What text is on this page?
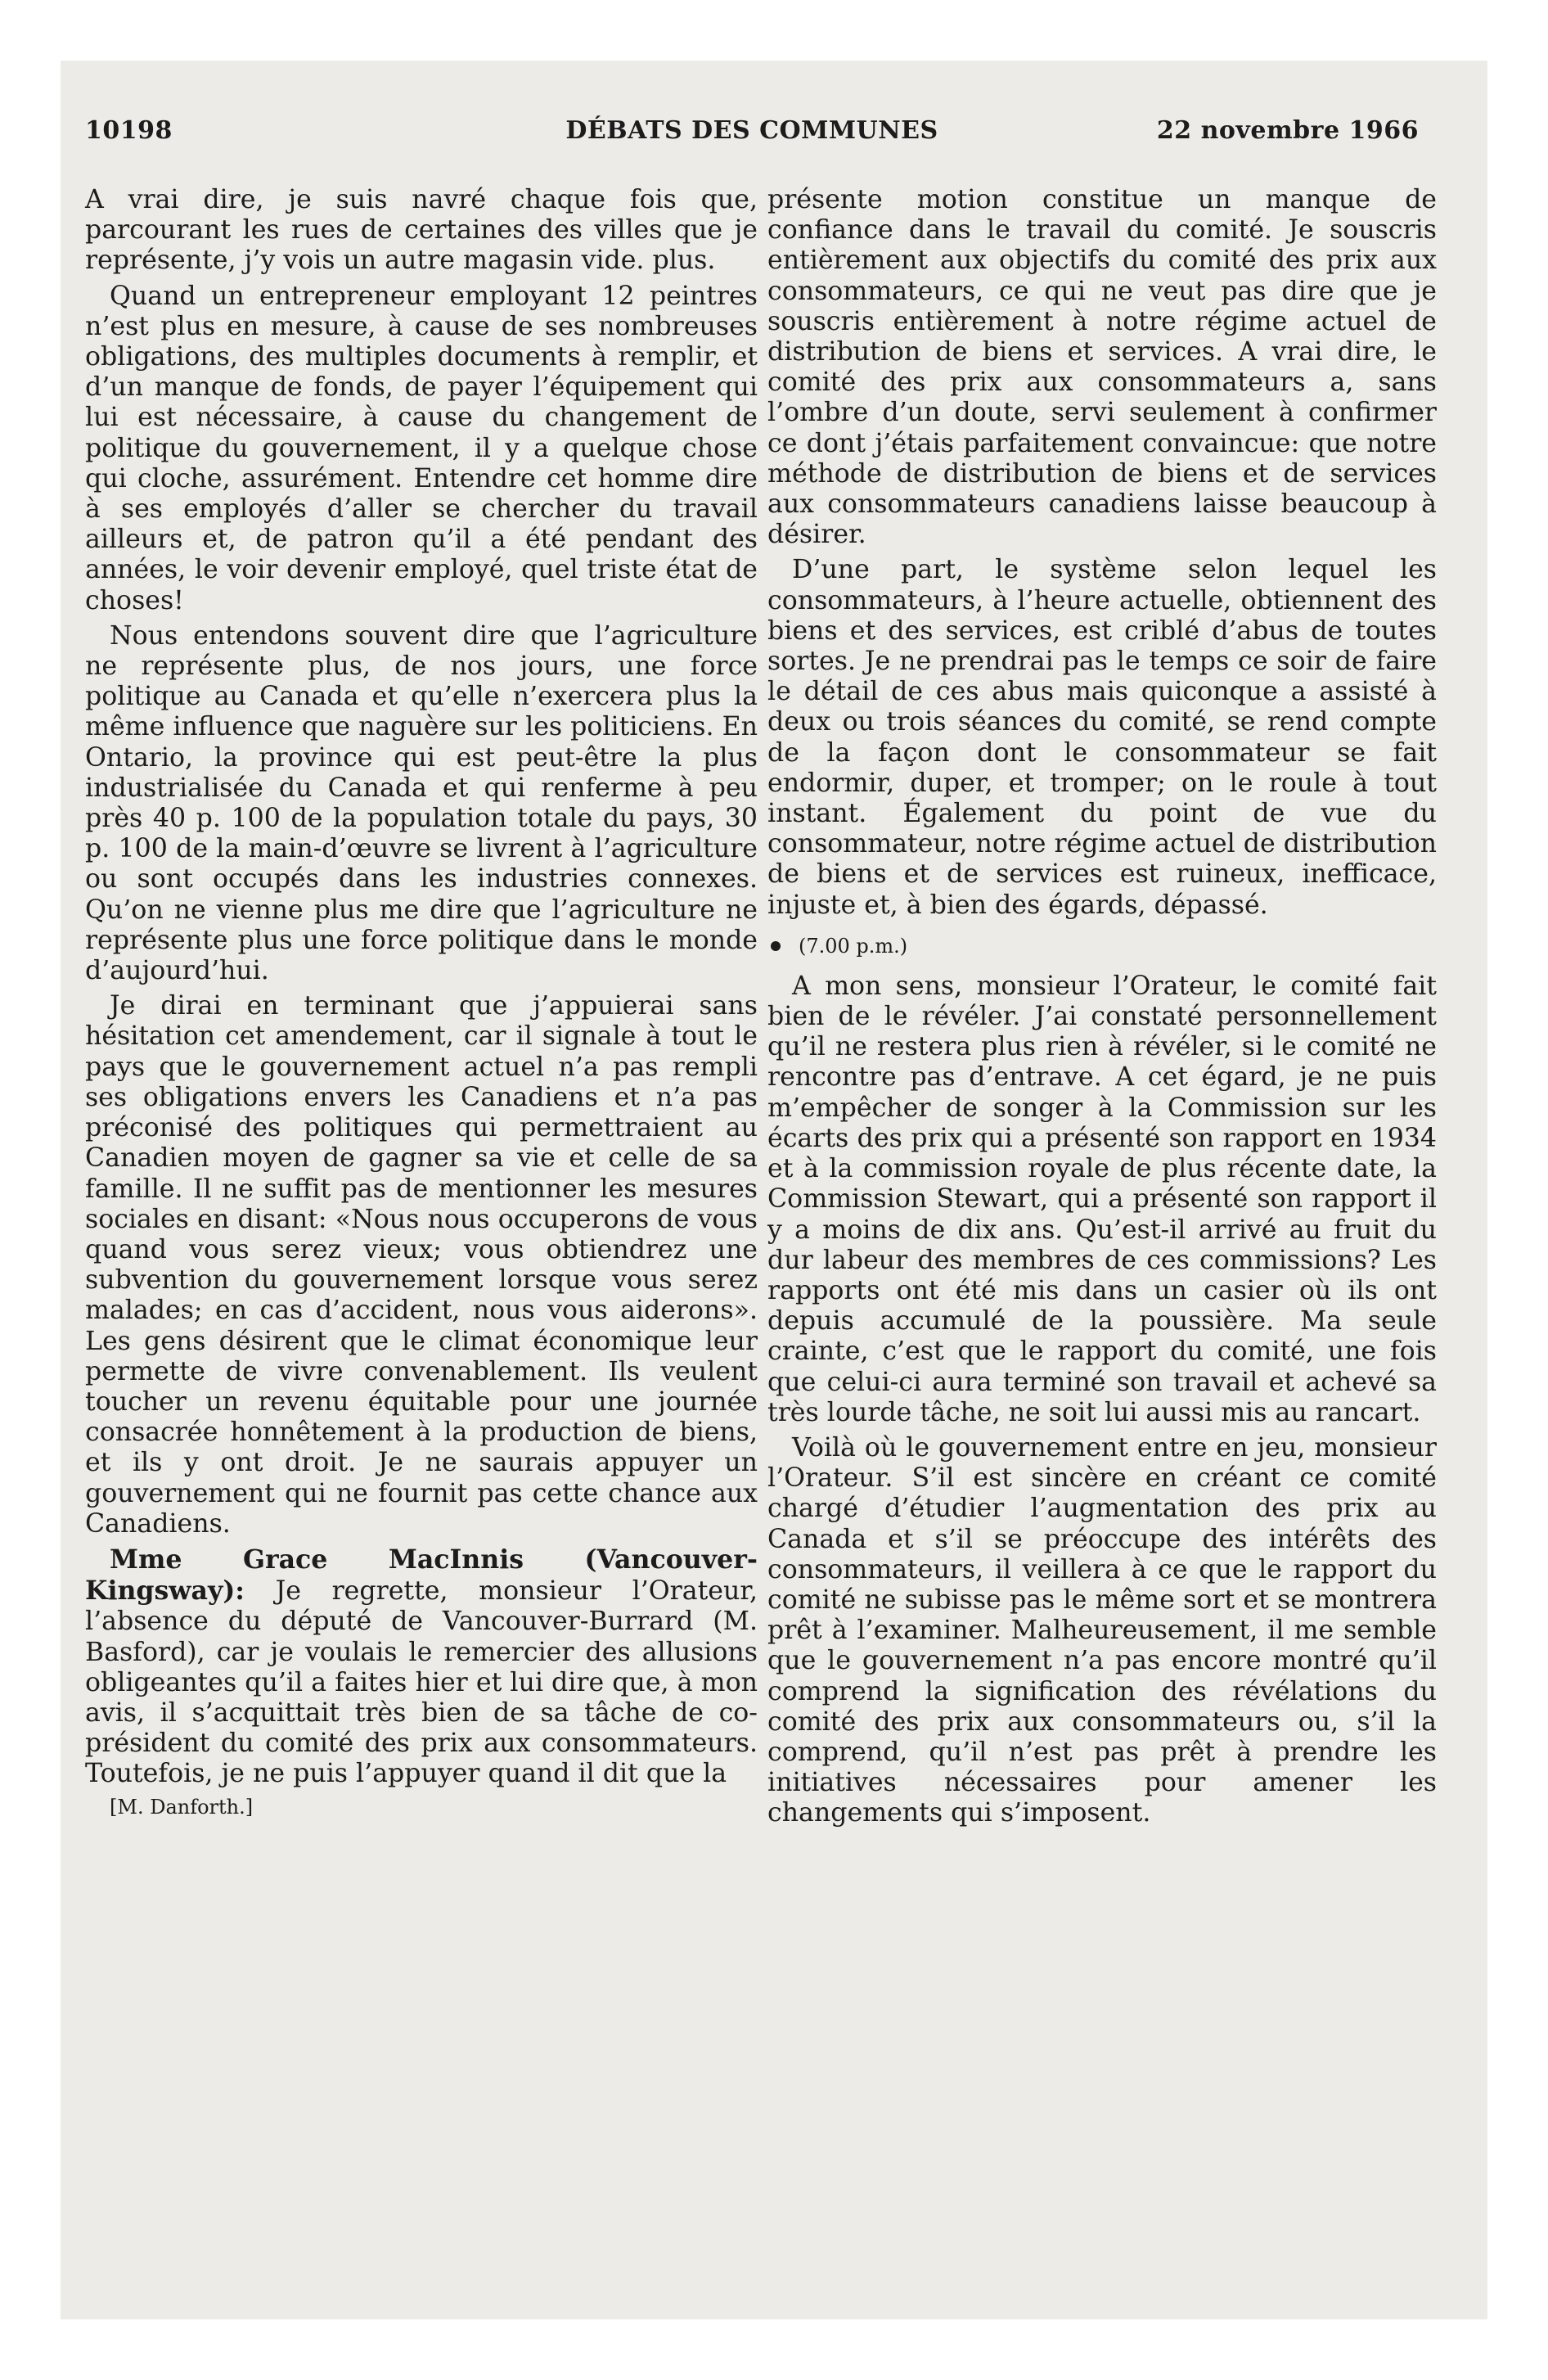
10198	DÉBATS DES COMMUNES	22 novembre 1966

A vrai dire, je suis navré chaque fois que, parcourant les rues de certaines des villes que je représente, j’y vois un autre magasin vide. plus.

Quand un entrepreneur employant 12 peintres n’est plus en mesure, à cause de ses nombreuses obligations, des multiples documents à remplir, et d’un manque de fonds, de payer l’équipement qui lui est nécessaire, à cause du changement de politique du gouvernement, il y a quelque chose qui cloche, assurément. Entendre cet homme dire à ses employés d’aller se chercher du travail ailleurs et, de patron qu’il a été pendant des années, le voir devenir employé, quel triste état de choses!

Nous entendons souvent dire que l’agriculture ne représente plus, de nos jours, une force politique au Canada et qu’elle n’exercera plus la même influence que naguère sur les politiciens. En Ontario, la province qui est peut-être la plus industrialisée du Canada et qui renferme à peu près 40 p. 100 de la population totale du pays, 30 p. 100 de la main-d’œuvre se livrent à l’agriculture ou sont occupés dans les industries connexes. Qu’on ne vienne plus me dire que l’agriculture ne représente plus une force politique dans le monde d’aujourd’hui.

Je dirai en terminant que j’appuierai sans hésitation cet amendement, car il signale à tout le pays que le gouvernement actuel n’a pas rempli ses obligations envers les Canadiens et n’a pas préconisé des politiques qui permettraient au Canadien moyen de gagner sa vie et celle de sa famille. Il ne suffit pas de mentionner les mesures sociales en disant: «Nous nous occuperons de vous quand vous serez vieux; vous obtiendrez une subvention du gouvernement lorsque vous serez malades; en cas d’accident, nous vous aiderons». Les gens désirent que le climat économique leur permette de vivre convenablement. Ils veulent toucher un revenu équitable pour une journée consacrée honnêtement à la production de biens, et ils y ont droit. Je ne saurais appuyer un gouvernement qui ne fournit pas cette chance aux Canadiens.

Mme Grace MacInnis (Vancouver-Kingsway): Je regrette, monsieur l’Orateur, l’absence du député de Vancouver-Burrard (M. Basford), car je voulais le remercier des allusions obligeantes qu’il a faites hier et lui dire que, à mon avis, il s’acquittait très bien de sa tâche de co-président du comité des prix aux consommateurs. Toutefois, je ne puis l’appuyer quand il dit que la

[M. Danforth.]

présente motion constitue un manque de confiance dans le travail du comité. Je souscris entièrement aux objectifs du comité des prix aux consommateurs, ce qui ne veut pas dire que je souscris entièrement à notre régime actuel de distribution de biens et services. A vrai dire, le comité des prix aux consommateurs a, sans l’ombre d’un doute, servi seulement à confirmer ce dont j’étais parfaitement convaincue: que notre méthode de distribution de biens et de services aux consommateurs canadiens laisse beaucoup à désirer.

D’une part, le système selon lequel les consommateurs, à l’heure actuelle, obtiennent des biens et des services, est criblé d’abus de toutes sortes. Je ne prendrai pas le temps ce soir de faire le détail de ces abus mais quiconque a assisté à deux ou trois séances du comité, se rend compte de la façon dont le consommateur se fait endormir, duper, et tromper; on le roule à tout instant. Également du point de vue du consommateur, notre régime actuel de distribution de biens et de services est ruineux, inefficace, injuste et, à bien des égards, dépassé.

(7.00 p.m.)

A mon sens, monsieur l’Orateur, le comité fait bien de le révéler. J’ai constaté personnellement qu’il ne restera plus rien à révéler, si le comité ne rencontre pas d’entrave. A cet égard, je ne puis m’empêcher de songer à la Commission sur les écarts des prix qui a présenté son rapport en 1934 et à la commission royale de plus récente date, la Commission Stewart, qui a présenté son rapport il y a moins de dix ans. Qu’est-il arrivé au fruit du dur labeur des membres de ces commissions? Les rapports ont été mis dans un casier où ils ont depuis accumulé de la poussière. Ma seule crainte, c’est que le rapport du comité, une fois que celui-ci aura terminé son travail et achevé sa très lourde tâche, ne soit lui aussi mis au rancart.

Voilà où le gouvernement entre en jeu, monsieur l’Orateur. S’il est sincère en créant ce comité chargé d’étudier l’augmentation des prix au Canada et s’il se préoccupe des intérêts des consommateurs, il veillera à ce que le rapport du comité ne subisse pas le même sort et se montrera prêt à l’examiner. Malheureusement, il me semble que le gouvernement n’a pas encore montré qu’il comprend la signification des révélations du comité des prix aux consommateurs ou, s’il la comprend, qu’il n’est pas prêt à prendre les initiatives nécessaires pour amener les changements qui s’imposent.
